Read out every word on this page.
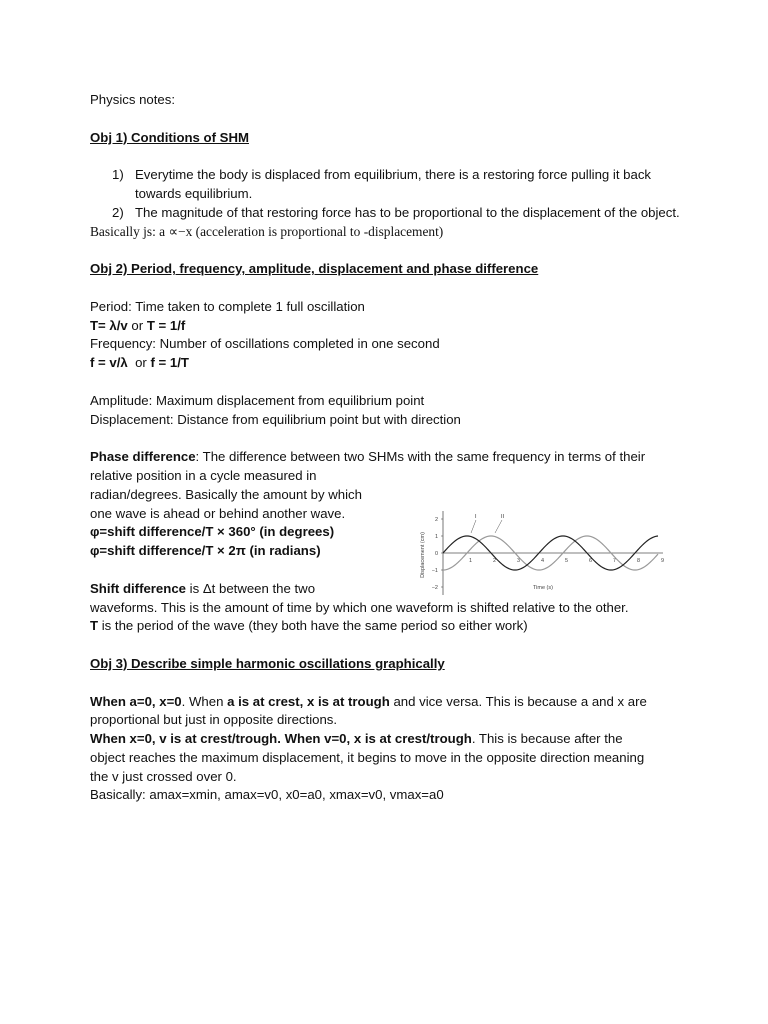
Physics notes:

Obj 1) Conditions of SHM

1) Everytime the body is displaced from equilibrium, there is a restoring force pulling it back towards equilibrium.
2) The magnitude of that restoring force has to be proportional to the displacement of the object.

Basically js: a ∝−x (acceleration is proportional to -displacement)

Obj 2) Period, frequency, amplitude, displacement and phase difference

Period: Time taken to complete 1 full oscillation

T= λ/v or T = 1/f

Frequency: Number of oscillations completed in one second

f = v/λ  or f = 1/T

Amplitude: Maximum displacement from equilibrium point

Displacement: Distance from equilibrium point but with direction

Phase difference: The difference between two SHMs with the same frequency in terms of their

relative position in a cycle measured in

radian/degrees. Basically the amount by which

one wave is ahead or behind another wave.

φ=shift difference/T × 360° (in degrees)

φ=shift difference/T × 2π (in radians)

Shift difference is Δt between the two

waveforms. This is the amount of time by which one waveform is shifted relative to the other.

T is the period of the wave (they both have the same period so either work)

Obj 3) Describe simple harmonic oscillations graphically

When a=0, x=0. When a is at crest, x is at trough and vice versa. This is because a and x are

proportional but just in opposite directions.

When x=0, v is at crest/trough. When v=0, x is at crest/trough. This is because after the

object reaches the maximum displacement, it begins to move in the opposite direction meaning

the v just crossed over 0.

Basically: amax=xmin, amax=v0, x0=a0, xmax=v0, vmax=a0

Displacement (cm)
2
1
0
−1
−2
1	2	3	4	5	6	7	8	9
I	II
Time (s)
